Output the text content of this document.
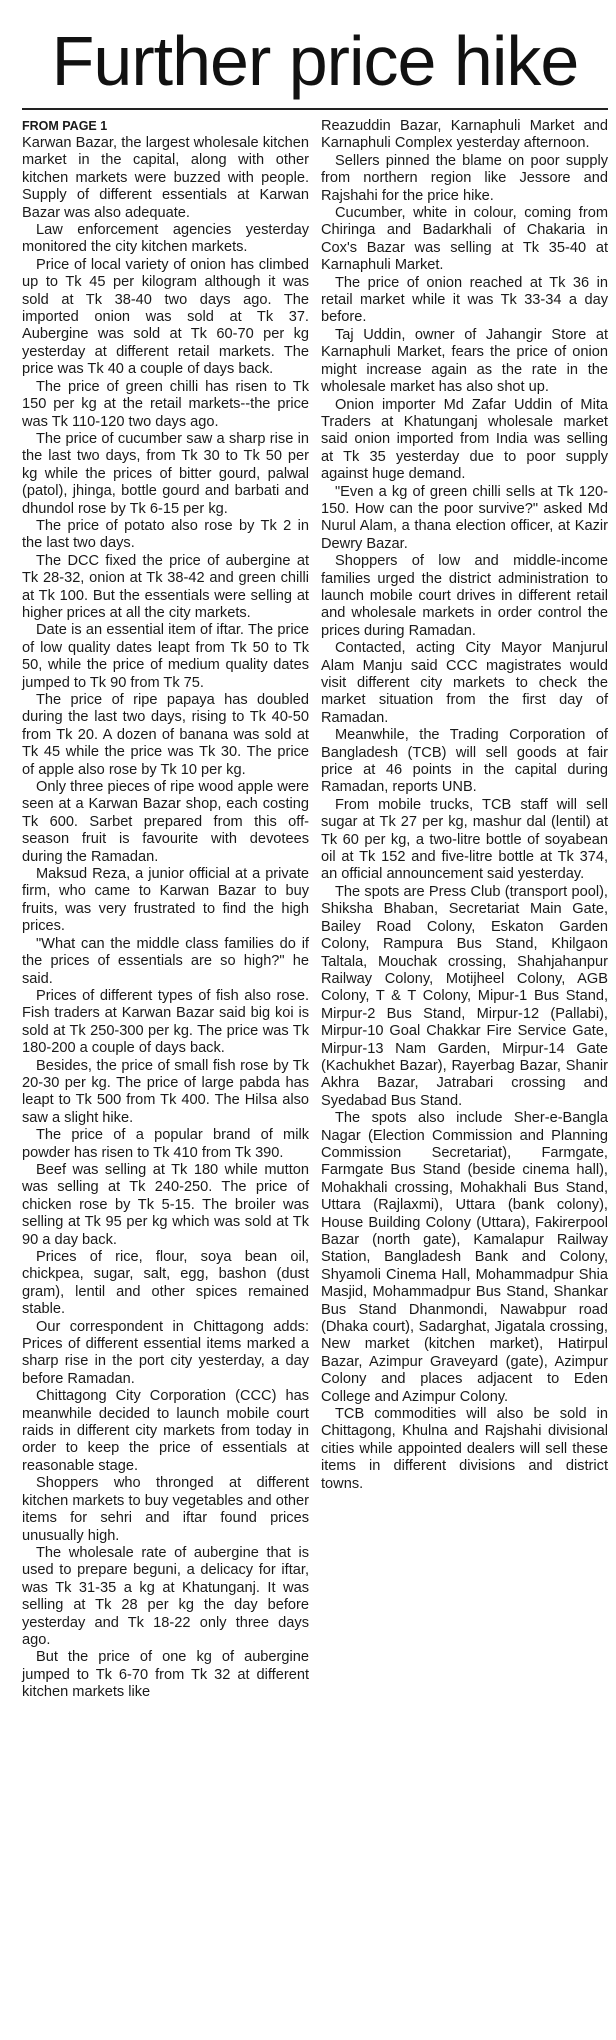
Further price hike

FROM PAGE 1
Karwan Bazar, the largest wholesale kitchen market in the capital, along with other kitchen markets were buzzed with people. Supply of different essentials at Karwan Bazar was also adequate.

Law enforcement agencies yesterday monitored the city kitchen markets.

Price of local variety of onion has climbed up to Tk 45 per kilogram although it was sold at Tk 38-40 two days ago. The imported onion was sold at Tk 37. Aubergine was sold at Tk 60-70 per kg yesterday at different retail markets. The price was Tk 40 a couple of days back.

The price of green chilli has risen to Tk 150 per kg at the retail markets--the price was Tk 110-120 two days ago.

The price of cucumber saw a sharp rise in the last two days, from Tk 30 to Tk 50 per kg while the prices of bitter gourd, palwal (patol), jhinga, bottle gourd and barbati and dhundol rose by Tk 6-15 per kg.

The price of potato also rose by Tk 2 in the last two days.

The DCC fixed the price of aubergine at Tk 28-32, onion at Tk 38-42 and green chilli at Tk 100. But the essentials were selling at higher prices at all the city markets.

Date is an essential item of iftar. The price of low quality dates leapt from Tk 50 to Tk 50, while the price of medium quality dates jumped to Tk 90 from Tk 75.

The price of ripe papaya has doubled during the last two days, rising to Tk 40-50 from Tk 20. A dozen of banana was sold at Tk 45 while the price was Tk 30. The price of apple also rose by Tk 10 per kg.

Only three pieces of ripe wood apple were seen at a Karwan Bazar shop, each costing Tk 600. Sarbet prepared from this off-season fruit is favourite with devotees during the Ramadan.

Maksud Reza, a junior official at a private firm, who came to Karwan Bazar to buy fruits, was very frustrated to find the high prices.

"What can the middle class families do if the prices of essentials are so high?" he said.

Prices of different types of fish also rose. Fish traders at Karwan Bazar said big koi is sold at Tk 250-300 per kg. The price was Tk 180-200 a couple of days back.

Besides, the price of small fish rose by Tk 20-30 per kg. The price of large pabda has leapt to Tk 500 from Tk 400. The Hilsa also saw a slight hike.

The price of a popular brand of milk powder has risen to Tk 410 from Tk 390.

Beef was selling at Tk 180 while mutton was selling at Tk 240-250. The price of chicken rose by Tk 5-15. The broiler was selling at Tk 95 per kg which was sold at Tk 90 a day back.

Prices of rice, flour, soya bean oil, chickpea, sugar, salt, egg, bashon (dust gram), lentil and other spices remained stable.

Our correspondent in Chittagong adds: Prices of different essential items marked a sharp rise in the port city yesterday, a day before Ramadan.

Chittagong City Corporation (CCC) has meanwhile decided to launch mobile court raids in different city markets from today in order to keep the price of essentials at reasonable stage.

Shoppers who thronged at different kitchen markets to buy vegetables and other items for sehri and iftar found prices unusually high.

The wholesale rate of aubergine that is used to prepare beguni, a delicacy for iftar, was Tk 31-35 a kg at Khatunganj. It was selling at Tk 28 per kg the day before yesterday and Tk 18-22 only three days ago.

But the price of one kg of aubergine jumped to Tk 6-70 from Tk 32 at different kitchen markets like

Reazuddin Bazar, Karnaphuli Market and Karnaphuli Complex yesterday afternoon.

Sellers pinned the blame on poor supply from northern region like Jessore and Rajshahi for the price hike.

Cucumber, white in colour, coming from Chiringa and Badarkhali of Chakaria in Cox's Bazar was selling at Tk 35-40 at Karnaphuli Market.

The price of onion reached at Tk 36 in retail market while it was Tk 33-34 a day before.

Taj Uddin, owner of Jahangir Store at Karnaphuli Market, fears the price of onion might increase again as the rate in the wholesale market has also shot up.

Onion importer Md Zafar Uddin of Mita Traders at Khatunganj wholesale market said onion imported from India was selling at Tk 35 yesterday due to poor supply against huge demand.

"Even a kg of green chilli sells at Tk 120-150. How can the poor survive?" asked Md Nurul Alam, a thana election officer, at Kazir Dewry Bazar.

Shoppers of low and middle-income families urged the district administration to launch mobile court drives in different retail and wholesale markets in order control the prices during Ramadan.

Contacted, acting City Mayor Manjurul Alam Manju said CCC magistrates would visit different city markets to check the market situation from the first day of Ramadan.

Meanwhile, the Trading Corporation of Bangladesh (TCB) will sell goods at fair price at 46 points in the capital during Ramadan, reports UNB.

From mobile trucks, TCB staff will sell sugar at Tk 27 per kg, mashur dal (lentil) at Tk 60 per kg, a two-litre bottle of soyabean oil at Tk 152 and five-litre bottle at Tk 374, an official announcement said yesterday.

The spots are Press Club (transport pool), Shiksha Bhaban, Secretariat Main Gate, Bailey Road Colony, Eskaton Garden Colony, Rampura Bus Stand, Khilgaon Taltala, Mouchak crossing, Shahjahanpur Railway Colony, Motijheel Colony, AGB Colony, T & T Colony, Mipur-1 Bus Stand, Mirpur-2 Bus Stand, Mirpur-12 (Pallabi), Mirpur-10 Goal Chakkar Fire Service Gate, Mirpur-13 Nam Garden, Mirpur-14 Gate (Kachukhet Bazar), Rayerbag Bazar, Shanir Akhra Bazar, Jatrabari crossing and Syedabad Bus Stand.

The spots also include Sher-e-Bangla Nagar (Election Commission and Planning Commission Secretariat), Farmgate, Farmgate Bus Stand (beside cinema hall), Mohakhali crossing, Mohakhali Bus Stand, Uttara (Rajlaxmi), Uttara (bank colony), House Building Colony (Uttara), Fakirerpool Bazar (north gate), Kamalapur Railway Station, Bangladesh Bank and Colony, Shyamoli Cinema Hall, Mohammadpur Shia Masjid, Mohammadpur Bus Stand, Shankar Bus Stand Dhanmondi, Nawabpur road (Dhaka court), Sadarghat, Jigatala crossing, New market (kitchen market), Hatirpul Bazar, Azimpur Graveyard (gate), Azimpur Colony and places adjacent to Eden College and Azimpur Colony.

TCB commodities will also be sold in Chittagong, Khulna and Rajshahi divisional cities while appointed dealers will sell these items in different divisions and district towns.
